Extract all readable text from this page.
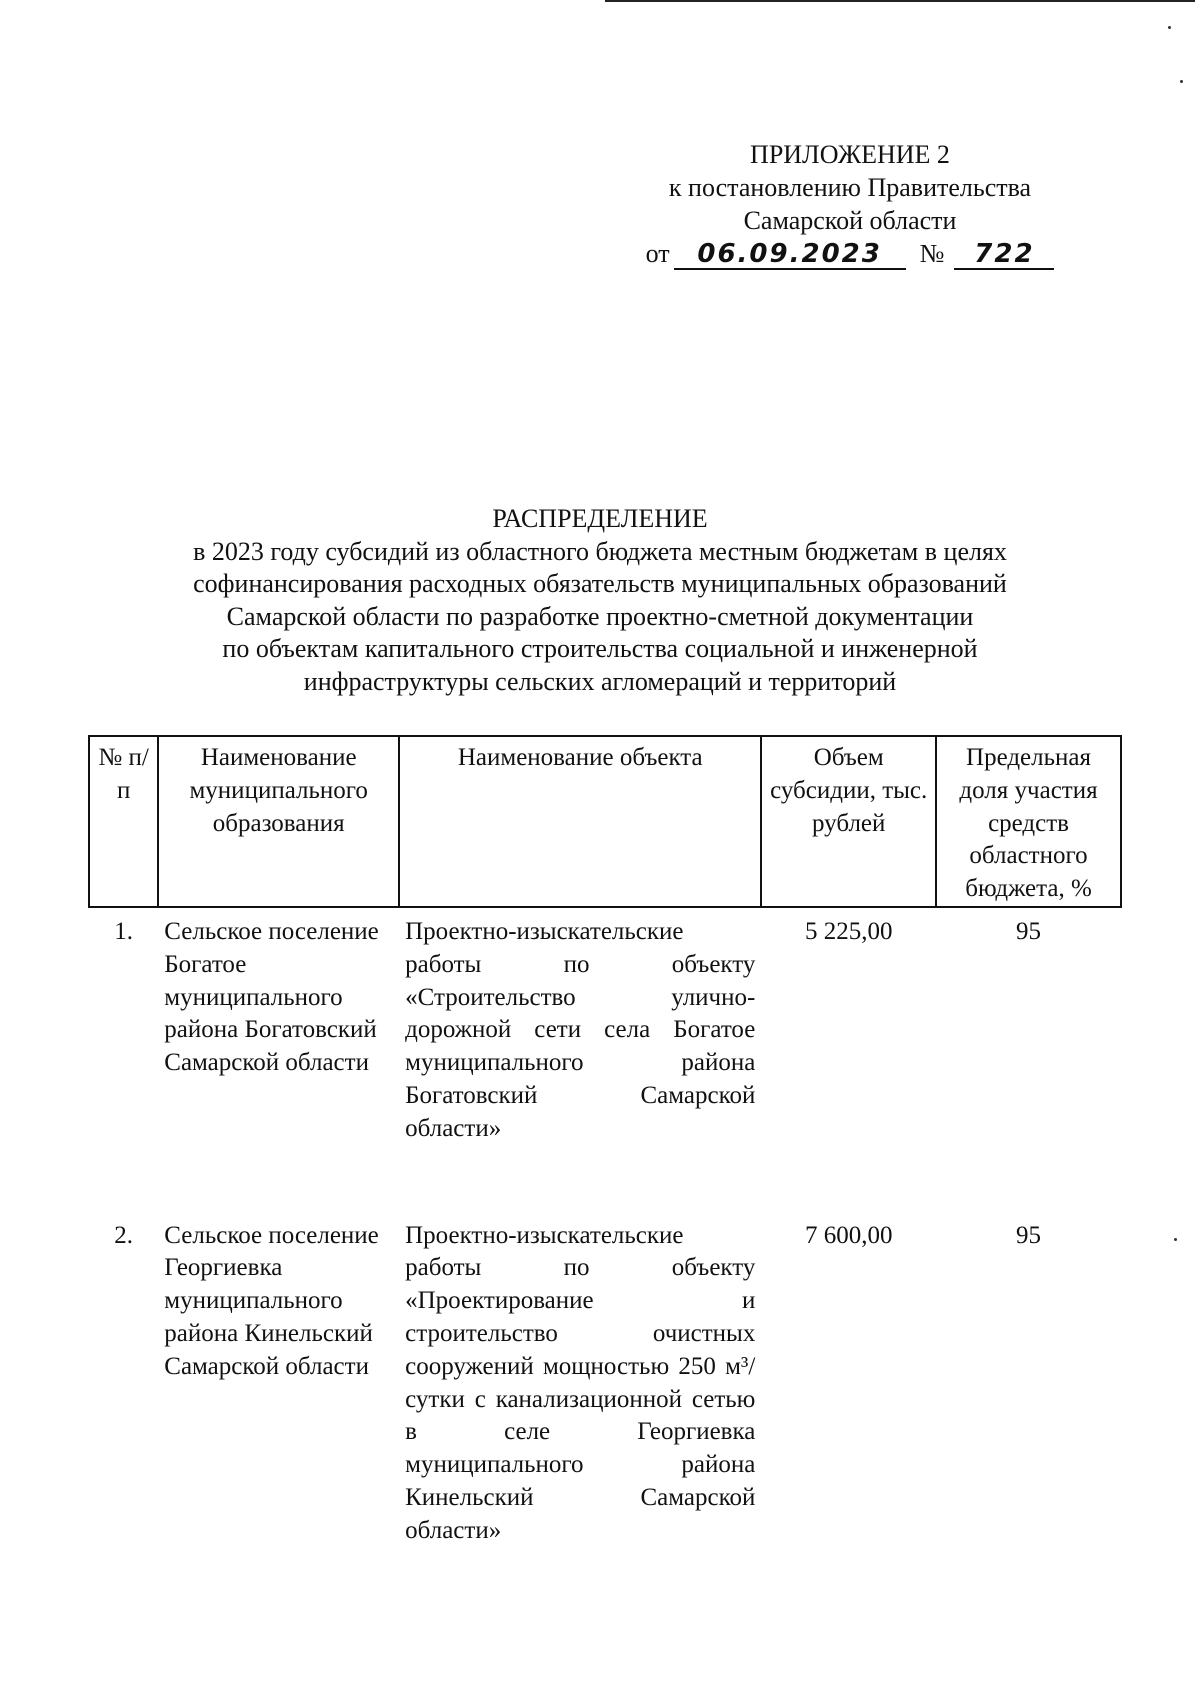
ПРИЛОЖЕНИЕ 2
к постановлению Правительства
Самарской области
от	06.09.2023	№	722
РАСПРЕДЕЛЕНИЕ
в 2023 году субсидий из областного бюджета местным бюджетам в целях
софинансирования расходных обязательств муниципальных образований
Самарской области по разработке проектно-сметной документации
по объектам капитального строительства социальной и инженерной
инфраструктуры сельских агломераций и территорий
№ п/п	Наименование муниципального образования	Наименование объекта	Объем субсидии, тыс. рублей	Предельная доля участия средств областного бюджета, %
1.	Сельское поселение Богатое муниципального района Богатовский Самарской области	Проектно-изыскательские работы по объекту «Строительство улично-дорожной сети села Богатое муниципального района Богатовский Самарской области»	5 225,00	95

2.	Сельское поселение Георгиевка муниципального района Кинельский Самарской области	Проектно-изыскательские работы по объекту «Проектирование и строительство очистных сооружений мощностью 250 м³/сутки с канализационной сетью в селе Георгиевка муниципального района Кинельский Самарской области»	7 600,00	95
